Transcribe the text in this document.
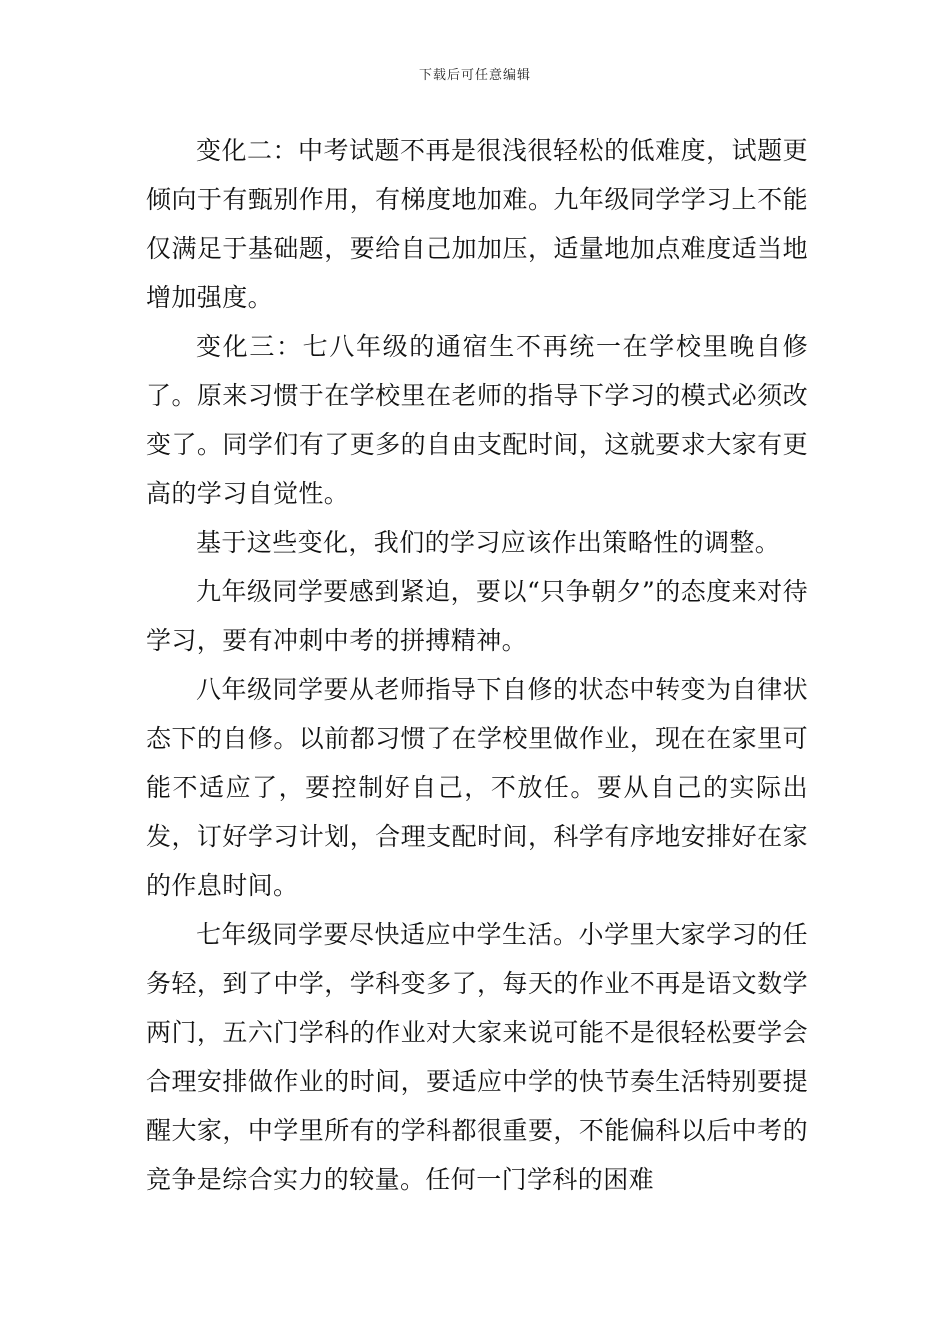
下载后可任意编辑

变化二：中考试题不再是很浅很轻松的低难度，试题更倾向于有甄别作用，有梯度地加难。九年级同学学习上不能仅满足于基础题，要给自己加加压，适量地加点难度适当地增加强度。

变化三：七八年级的通宿生不再统一在学校里晚自修了。原来习惯于在学校里在老师的指导下学习的模式必须改变了。同学们有了更多的自由支配时间，这就要求大家有更高的学习自觉性。

基于这些变化，我们的学习应该作出策略性的调整。

九年级同学要感到紧迫，要以“只争朝夕”的态度来对待学习，要有冲刺中考的拼搏精神。

八年级同学要从老师指导下自修的状态中转变为自律状态下的自修。以前都习惯了在学校里做作业，现在在家里可能不适应了，要控制好自己，不放任。要从自己的实际出发，订好学习计划，合理支配时间，科学有序地安排好在家的作息时间。

七年级同学要尽快适应中学生活。小学里大家学习的任务轻，到了中学，学科变多了，每天的作业不再是语文数学两门，五六门学科的作业对大家来说可能不是很轻松要学会合理安排做作业的时间，要适应中学的快节奏生活特别要提醒大家，中学里所有的学科都很重要，不能偏科以后中考的竞争是综合实力的较量。任何一门学科的困难
